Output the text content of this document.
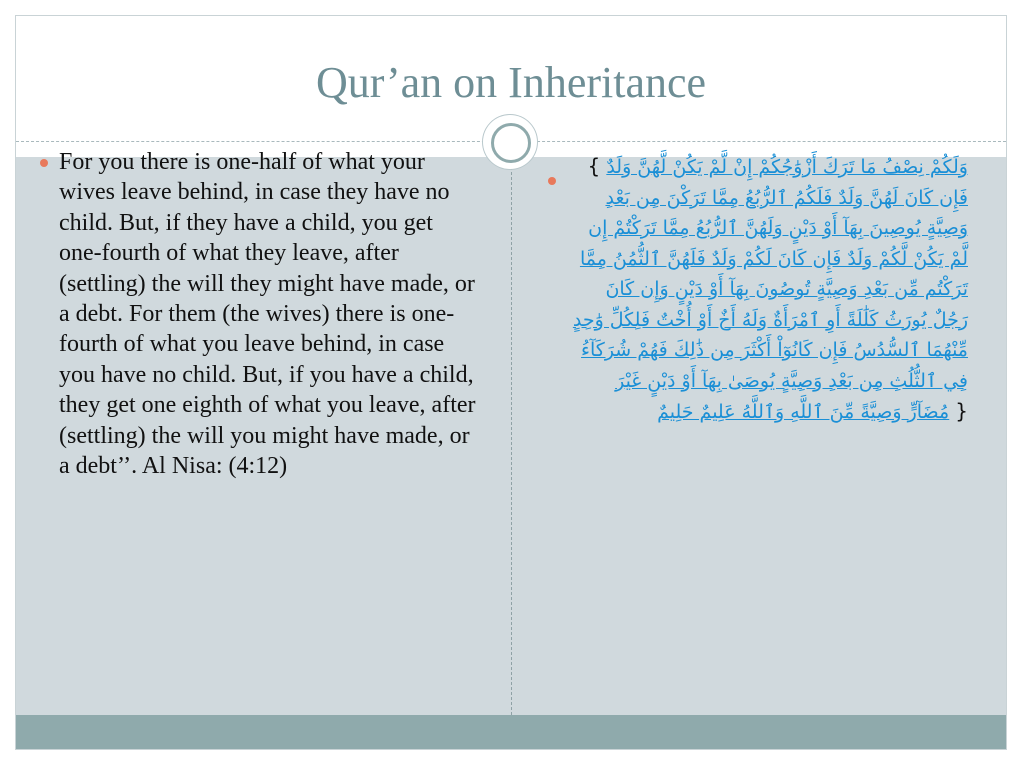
Qur’an on Inheritance
For you there is one-half of what your wives leave behind, in case they have no child. But, if they have a child, you get one-fourth of what they leave, after (settling) the will they might have made, or a debt. For them (the wives) there is one-fourth of what you leave behind, in case you have no child. But, if you have a child, they get one eighth of what you leave, after (settling) the will you might have made, or a debt’’. Al Nisa: (4:12)
{ وَلَكُمْ نِصْفُ مَا تَرَكَ أَزْوَٰجُكُمْ إِنْ لَّمْ يَكُنْ لَّهُنَّ وَلَدٌ فَإِن كَانَ لَهُنَّ وَلَدٌ فَلَكُمُ ٱلرُّبُعُ مِمَّا تَرَكْنَ مِن بَعْدِ وَصِيَّةٍ يُوصِينَ بِهَآ أَوْ دَيْنٍ وَلَهُنَّ ٱلرُّبُعُ مِمَّا تَرَكْتُمْ إِن لَّمْ يَكُنْ لَّكُمْ وَلَدٌ فَإِن كَانَ لَكُمْ وَلَدٌ فَلَهُنَّ ٱلثُّمُنُ مِمَّا تَرَكْتُم مِّن بَعْدِ وَصِيَّةٍ تُوصُونَ بِهَآ أَوْ دَيْنٍ وَإِن كَانَ رَجُلٌ يُورَثُ كَلَٰلَةً أَوِ ٱمْرَأَةٌ وَلَهُ أَخٌ أَوْ أُخْتٌ فَلِكُلِّ وَٰحِدٍ مِّنْهُمَا ٱلسُّدُسُ فَإِن كَانُوٓاْ أَكْثَرَ مِن ذَٰلِكَ فَهُمْ شُرَكَآءُ فِي ٱلثُّلُثِ مِن بَعْدِ وَصِيَّةٍ يُوصَىٰ بِهَآ أَوْ دَيْنٍ غَيْرَ مُضَآرٍّ وَصِيَّةً مِّنَ ٱللَّهِ وَٱللَّهُ عَلِيمٌ حَلِيمٌ }
